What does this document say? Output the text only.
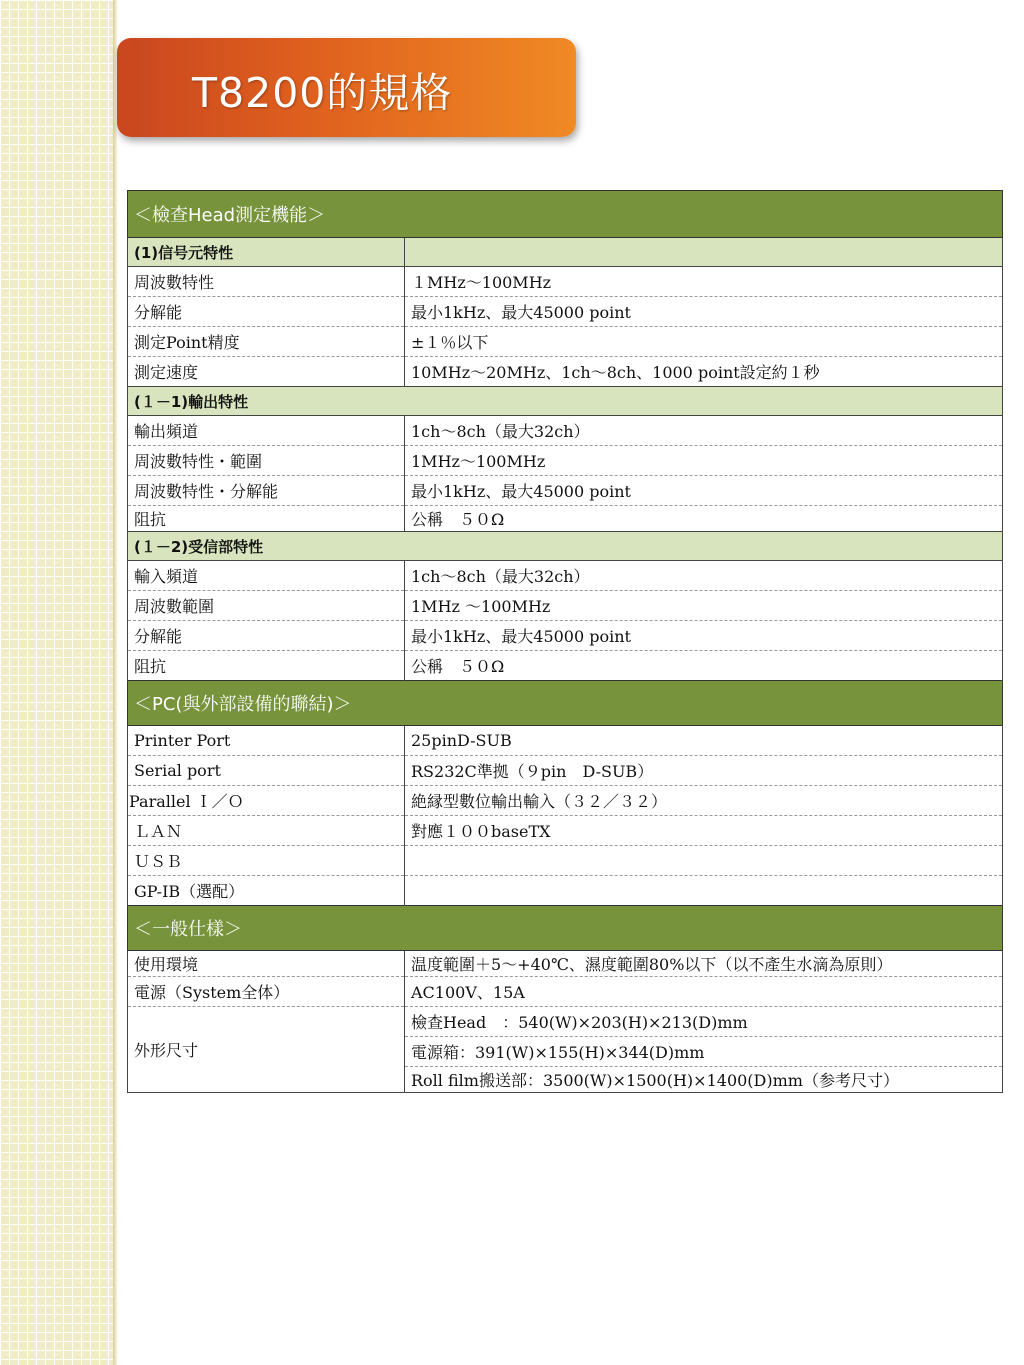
T8200的規格
＜檢查Head測定機能＞	
(1)信号元特性	
周波數特性	１MHz～100MHz
分解能	最小1kHz、最大45000 point
測定Point精度	±１％以下
測定速度	10MHz～20MHz、1ch～8ch、1000 point設定約１秒
(１－1)輸出特性	
輸出頻道	1ch～8ch（最大32ch）
周波數特性・範圍	1MHz～100MHz
周波數特性・分解能	最小1kHz、最大45000 point
阻抗	公稱　５０Ω
(１－2)受信部特性	
輸入頻道	1ch～8ch（最大32ch）
周波數範圍	1MHz ～100MHz
分解能	最小1kHz、最大45000 point
阻抗	公稱　５０Ω
＜PC(與外部設備的聯結)＞	
Printer Port	25pinD-SUB
Serial port	RS232C準拠（９pin　D-SUB）
Parallel Ｉ／Ｏ	絶縁型數位輸出輸入（３２／３２）
ＬＡＮ	對應１００baseTX
ＵＳＢ	
GP-IB（選配）	
＜一般仕樣＞	
使用環境	温度範圍＋5～+40℃、濕度範圍80%以下（以不產生水滴為原則）
電源（System全体）	AC100V、15A
外形尺寸	檢查Head　：540(W)×203(H)×213(D)mm
	電源箱：391(W)×155(H)×344(D)mm
	Roll film搬送部：3500(W)×1500(H)×1400(D)mm（参考尺寸）
